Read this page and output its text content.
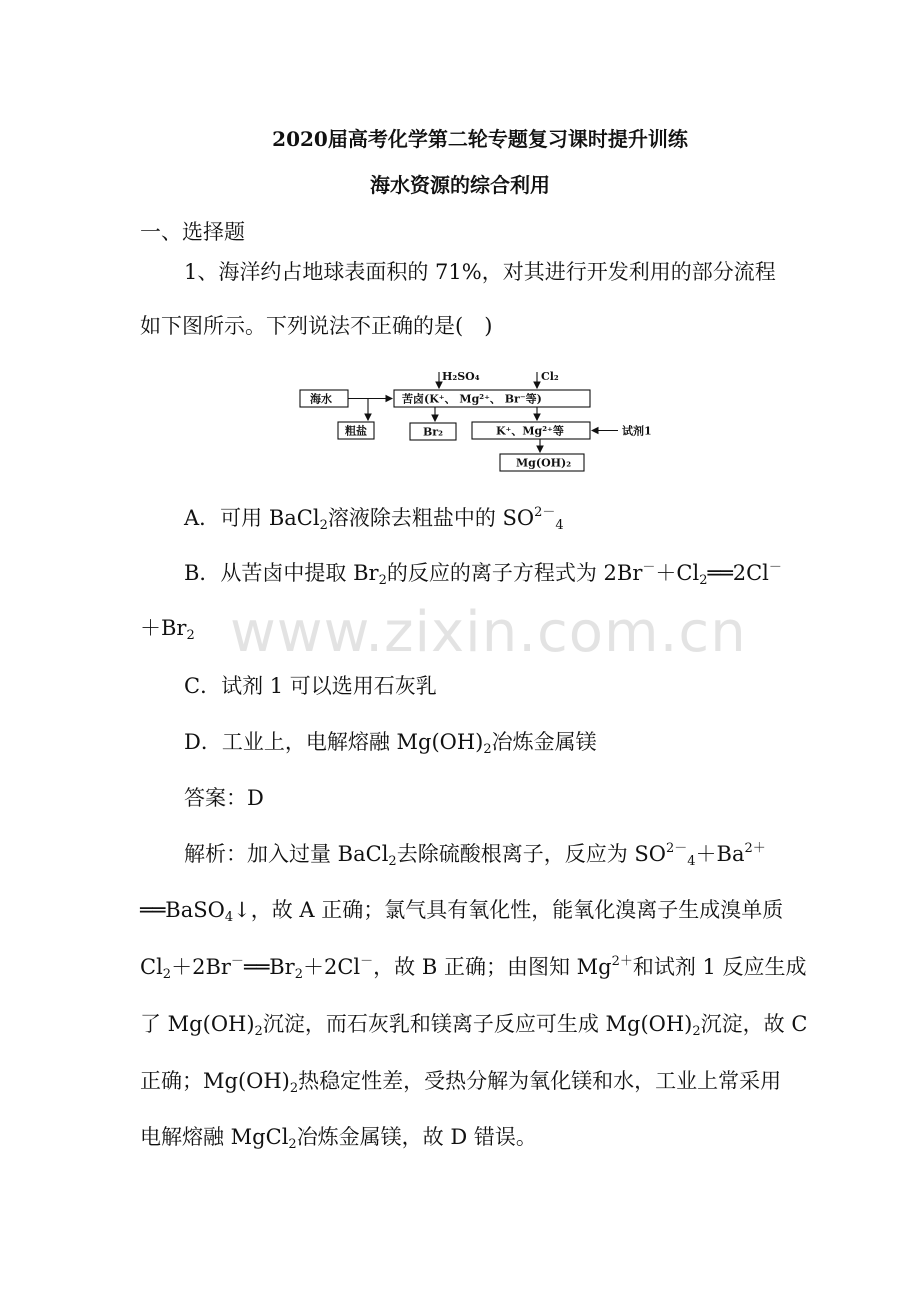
2020届高考化学第二轮专题复习课时提升训练
海水资源的综合利用
一、选择题
1、海洋约占地球表面积的 71%，对其进行开发利用的部分流程
如下图所示。下列说法不正确的是(　)
H₂SO₄	Cl₂
海水	苦卤(K⁺、 Mg²⁺、 Br⁻等)
粗盐	Br₂	K⁺、Mg²⁺等	试剂1
Mg(OH)₂
A．可用 BaCl$_2$溶液除去粗盐中的 $SO^{2-}_4$
B．从苦卤中提取 $Br_2$的反应的离子方程式为 $2Br^-+Cl_2══2Cl^-$
$+Br_2$
C．试剂 1 可以选用石灰乳
D．工业上，电解熔融 $Mg(OH)_2$冶炼金属镁
答案：D
解析：加入过量 BaCl$_2$去除硫酸根离子，反应为 $SO^{2-}_4+Ba^{2+}$
══BaSO$_4$↓，故 A 正确；氯气具有氧化性，能氧化溴离子生成溴单质
$Cl_2+2Br^-══Br_2+2Cl^-$，故 B 正确；由图知 $Mg^{2+}$和试剂 1 反应生成
了 $Mg(OH)_2$沉淀，而石灰乳和镁离子反应可生成 $Mg(OH)_2$沉淀，故 C
正确；$Mg(OH)_2$热稳定性差，受热分解为氧化镁和水，工业上常采用
电解熔融 MgCl$_2$冶炼金属镁，故 D 错误。
www.zixin.com.cn
